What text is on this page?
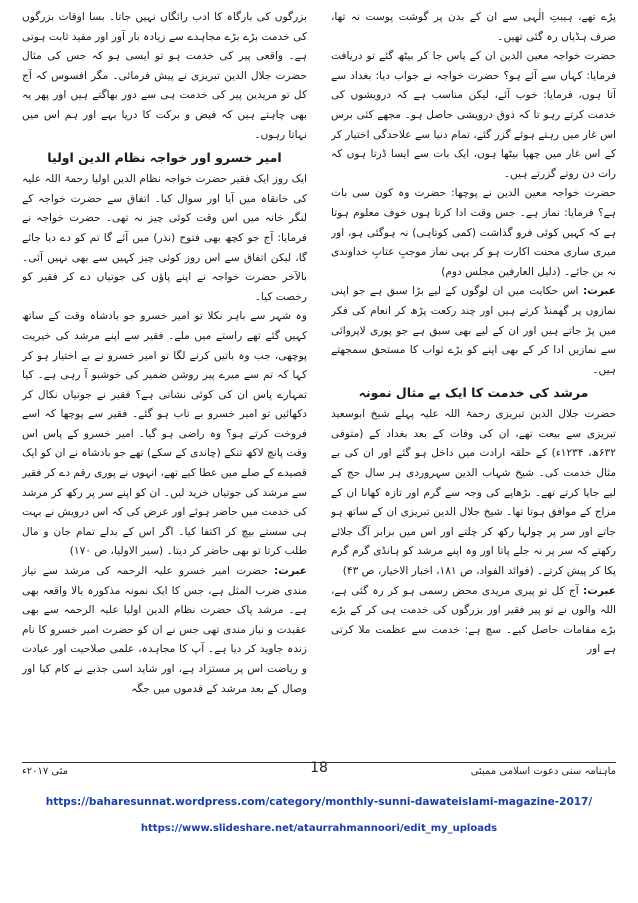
پڑے تھے، ہیبتِ الٰہی سے ان کے بدن پر گوشت پوست نہ تھا، صرف ہڈیاں رہ گئی تھیں۔

حضرت خواجہ معین الدین ان کے پاس جا کر بیٹھ گئے تو دریافت فرمایا: کہاں سے آئے ہو؟ حضرت خواجہ نے جواب دیا: بغداد سے آتا ہوں، فرمایا: خوب آئے، لیکن مناسب ہے کہ درویشوں کی خدمت کرتے رہو تا کہ ذوق درویشی حاصل ہو۔ مجھے کئی برس اس غار میں رہتے ہوئے گزر گئے، تمام دنیا سے علاحدگی اختیار کر کے اس غار میں چھپا بیٹھا ہوں، ایک بات سے ایسا ڈرتا ہوں کہ رات دن روتے گزرتے ہیں۔

حضرت خواجہ معین الدین نے پوچھا: حضرت وہ کون سی بات ہے؟ فرمایا: نماز ہے۔ جس وقت ادا کرتا ہوں خوف معلوم ہوتا ہے کہ کہیں کوئی فرو گذاشت (کمی کوتاہی) نہ ہوگئی ہو، اور میری ساری محنت اکارت ہو کر یہی نماز موجبِ عتابِ خداوندی نہ بن جائے۔ (دلیل العارفین مجلس دوم)

عبرت: اس حکایت میں ان لوگوں کے لیے بڑا سبق ہے جو اپنی نمازوں پر گھمنڈ کرتے ہیں اور چند رکعت پڑھ کر انعام کی فکر میں پڑ جاتے ہیں اور ان کے لیے بھی سبق ہے جو پوری لاپروائی سے نمازیں ادا کر کے بھی اپنے کو بڑے ثواب کا مستحق سمجھتے ہیں۔

مرشد کی خدمت کا ایک بے مثال نمونہ

حضرت جلال الدین تبریزی رحمۃ اللہ علیہ پہلے شیخ ابوسعید تبریزی سے بیعت تھے، ان کی وفات کے بعد بغداد کے (متوفی ۶۳۲ھ، ۱۲۳۴ء) کے حلقہ ارادت میں داخل ہو گئے اور ان کی بے مثال خدمت کی۔ شیخ شہاب الدین سہروردی ہر سال حج کے لیے جایا کرتے تھے۔ بڑھاپے کی وجہ سے گرم اور تازہ کھانا ان کے مزاج کے موافق ہوتا تھا۔ شیخ جلال الدین تبریزی ان کے ساتھ ہو جاتے اور سر پر چولہا رکھ کر چلتے اور اس میں برابر آگ جلائے رکھتے کہ سر پر نہ جلے پاتا اور وہ اپنے مرشد کو ہانڈی گرم گرم پکا کر پیش کرتے۔ (فوائد الفواد، ص ۱۸۱، اخبار الاخیار، ص ۴۳)

عبرت: آج کل تو پیری مریدی محض رسمی ہو کر رہ گئی ہے، اللہ والوں نے تو پیر فقیر اور بزرگوں کی خدمت ہی کر کے بڑے بڑے مقامات حاصل کیے۔ سچ ہے: خدمت سے عظمت ملا کرتی ہے اور

بزرگوں کی بارگاہ کا ادب رائگاں نہیں جاتا۔ بسا اوقات بزرگوں کی خدمت بڑے بڑے مجاہدے سے زیادہ بار آور اور مفید ثابت ہوتی ہے۔ واقعی پیر کی خدمت ہو تو ایسی ہو کہ جس کی مثال حضرت جلال الدین تبریزی نے پیش فرمائی۔ مگر افسوس کہ آج کل تو مریدین پیر کی خدمت ہی سے دور بھاگتے ہیں اور پھر یہ بھی چاہتے ہیں کہ فیض و برکت کا دریا بہے اور ہم اس میں نہاتا رہوں۔

امیر خسرو اور خواجہ نظام الدین اولیا

ایک روز ایک فقیر حضرت خواجہ نظام الدین اولیا رحمۃ اللہ علیہ کی خانقاہ میں آیا اور سوال کیا۔ اتفاق سے حضرت خواجہ کے لنگر خانہ میں اس وقت کوئی چیز نہ تھی۔ حضرت خواجہ نے فرمایا: آج جو کچھ بھی فتوح (نذر) میں آئے گا تم کو دے دیا جائے گا، لیکن اتفاق سے اس روز کوئی چیز کہیں سے بھی نہیں آئی۔ بالآخر حضرت خواجہ نے اپنے پاؤں کی جوتیاں دے کر فقیر کو رخصت کیا۔

وہ شہر سے باہر نکلا تو امیر خسرو جو بادشاہ وقت کے ساتھ کہیں گئے تھے راستے میں ملے۔ فقیر سے اپنے مرشد کی خیریت پوچھی، جب وہ باتیں کرنے لگا تو امیر خسرو نے بے اختیار ہو کر کہا کہ تم سے میرے پیر روشن ضمیر کی خوشبو آ رہی ہے۔ کیا تمہارے پاس ان کی کوئی نشانی ہے؟ فقیر نے جوتیاں نکال کر دکھائیں تو امیر خسرو بے تاب ہو گئے۔ فقیر سے پوچھا کہ اسے فروخت کرتے ہو؟ وہ راضی ہو گیا۔ امیر خسرو کے پاس اس وقت پانچ لاکھ تنکے (چاندی کے سکے) تھے جو بادشاہ نے ان کو ایک قصیدے کے صلے میں عطا کیے تھے، انہوں نے پوری رقم دے کر فقیر سے مرشد کی جوتیاں خرید لیں۔ ان کو اپنے سر پر رکھ کر مرشد کی خدمت میں حاضر ہوئے اور عرض کی کہ اس درویش نے بہت ہی سستے بیچ کر اکتفا کیا۔ اگر اس کے بدلے تمام جان و مال طلب کرتا تو بھی حاضر کر دیتا۔ (سیر الاولیا، ص ۱۷۰)

عبرت: حضرت امیر خسرو علیہ الرحمہ کی مرشد سے نیاز مندی ضرب المثل ہے، جس کا ایک نمونہ مذکورہ بالا واقعہ بھی ہے۔ مرشد پاک حضرت نظام الدین اولیا علیہ الرحمہ سے بھی عقیدت و نیاز مندی تھی جس نے ان کو حضرت امیر خسرو کا نام زندہ جاوید کر دیا ہے۔ آپ کا مجاہدہ، علمی صلاحیت اور عبادت و ریاضت اس پر مستزاد ہے، اور شاید اسی جذبے نے کام کیا اور وصال کے بعد مرشد کے قدموں میں جگہ

ماہنامہ سنی دعوت اسلامی ممبئی
18
مئی ۲۰۱۷ء
https://baharesunnat.wordpress.com/category/monthly-sunni-dawateislami-magazine-2017/
https://www.slideshare.net/ataurrahmannoori/edit_my_uploads
